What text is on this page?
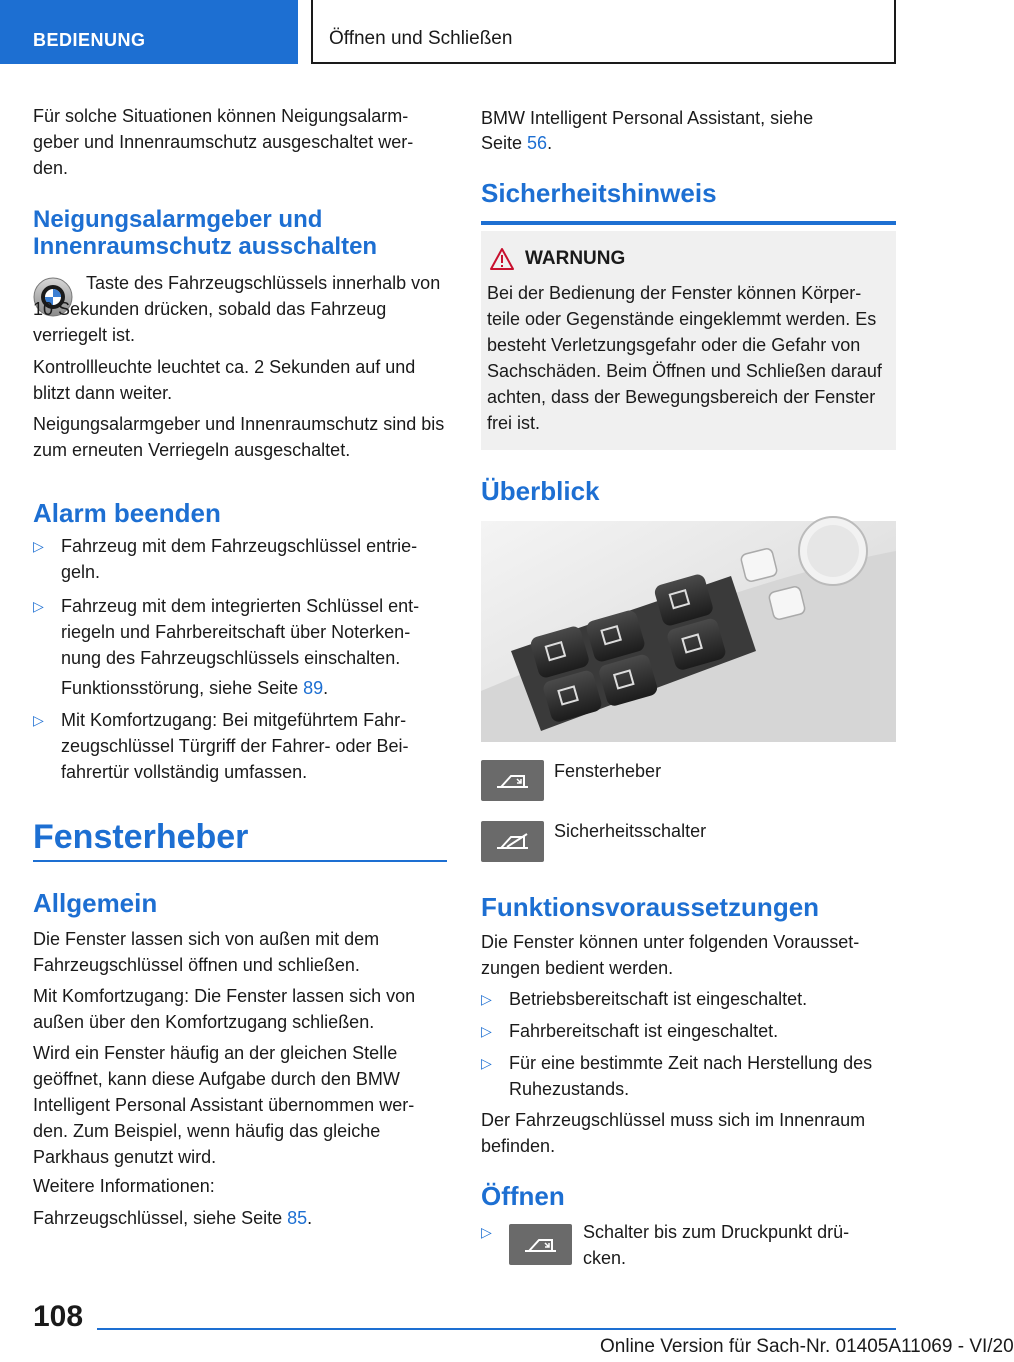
BEDIENUNG	Öffnen und Schließen

Für solche Situationen können Neigungsalarm-geber und Innenraumschutz ausgeschaltet wer-den.

Neigungsalarmgeber und Innenraumschutz ausschalten

Taste des Fahrzeugschlüssels innerhalb von 10 Sekunden drücken, sobald das Fahrzeug verriegelt ist.

Kontrollleuchte leuchtet ca. 2 Sekunden auf und blitzt dann weiter.

Neigungsalarmgeber und Innenraumschutz sind bis zum erneuten Verriegeln ausgeschaltet.

Alarm beenden
▷ Fahrzeug mit dem Fahrzeugschlüssel entrie-geln.
▷ Fahrzeug mit dem integrierten Schlüssel ent-riegeln und Fahrbereitschaft über Noterken-nung des Fahrzeugschlüssels einschalten.

Funktionsstörung, siehe Seite 89.

▷ Mit Komfortzugang: Bei mitgeführtem Fahr-zeugschlüssel Türgriff der Fahrer- oder Bei-fahrertür vollständig umfassen.
Fensterheber
Allgemein

Die Fenster lassen sich von außen mit dem Fahrzeugschlüssel öffnen und schließen.

Mit Komfortzugang: Die Fenster lassen sich von außen über den Komfortzugang schließen.

Wird ein Fenster häufig an der gleichen Stelle geöffnet, kann diese Aufgabe durch den BMW Intelligent Personal Assistant übernommen wer-den. Zum Beispiel, wenn häufig das gleiche Parkhaus genutzt wird.

Weitere Informationen:

Fahrzeugschlüssel, siehe Seite 85.

BMW Intelligent Personal Assistant, siehe

Seite 56.

Sicherheitshinweis
WARNUNG

Bei der Bedienung der Fenster können Körper-teile oder Gegenstände eingeklemmt werden. Es besteht Verletzungsgefahr oder die Gefahr von Sachschäden. Beim Öffnen und Schließen darauf achten, dass der Bewegungsbereich der Fenster frei ist.

Überblick

Fensterheber

Sicherheitsschalter

Funktionsvoraussetzungen

Die Fenster können unter folgenden Vorausset-zungen bedient werden.

▷ Betriebsbereitschaft ist eingeschaltet.
▷ Fahrbereitschaft ist eingeschaltet.
▷ Für eine bestimmte Zeit nach Herstellung des Ruhezustands.

Der Fahrzeugschlüssel muss sich im Innenraum befinden.

Öffnen
▷	Schalter bis zum Druckpunkt drü-cken.

108
Online Version für Sach-Nr. 01405A11069 - VI/20
